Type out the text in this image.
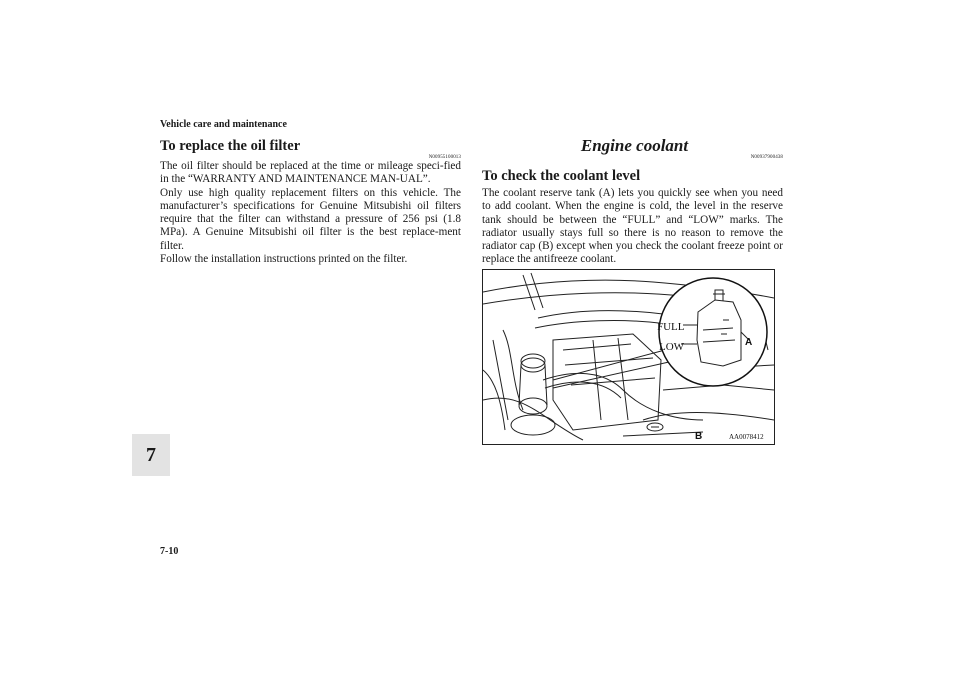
Vehicle care and maintenance
To replace the oil filter
N00955100013

The oil filter should be replaced at the time or mileage speci-fied in the “WARRANTY AND MAINTENANCE MAN-UAL”.

Only use high quality replacement filters on this vehicle. The manufacturer’s specifications for Genuine Mitsubishi oil filters require that the filter can withstand a pressure of 256 psi (1.8 MPa). A Genuine Mitsubishi oil filter is the best replace-ment filter.

Follow the installation instructions printed on the filter.

Engine coolant
N00937900438
To check the coolant level

The coolant reserve tank (A) lets you quickly see when you need to add coolant. When the engine is cold, the level in the reserve tank should be between the “FULL” and “LOW” marks. The radiator usually stays full so there is no reason to remove the radiator cap (B) except when you check the coolant freeze point or replace the antifreeze coolant.

FULL
LOW	A
B	AA0078412
7
7-10
